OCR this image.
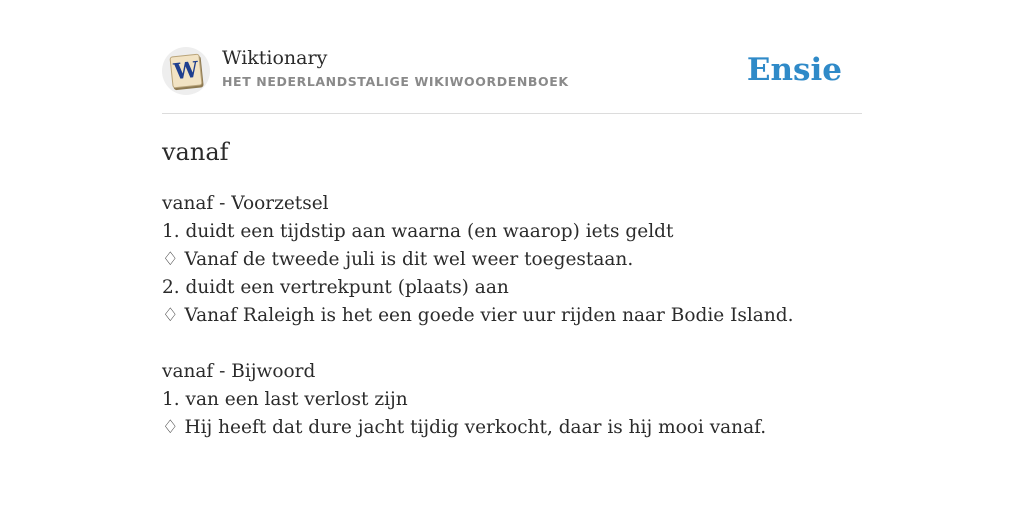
W Wiktionary
HET NEDERLANDSTALIGE WIKIWOORDENBOEK	Ensie
vanaf
vanaf - Voorzetsel
1. duidt een tijdstip aan waarna (en waarop) iets geldt
♢ Vanaf de tweede juli is dit wel weer toegestaan.
2. duidt een vertrekpunt (plaats) aan
♢ Vanaf Raleigh is het een goede vier uur rijden naar Bodie Island.
vanaf - Bijwoord
1. van een last verlost zijn
♢ Hij heeft dat dure jacht tijdig verkocht, daar is hij mooi vanaf.
